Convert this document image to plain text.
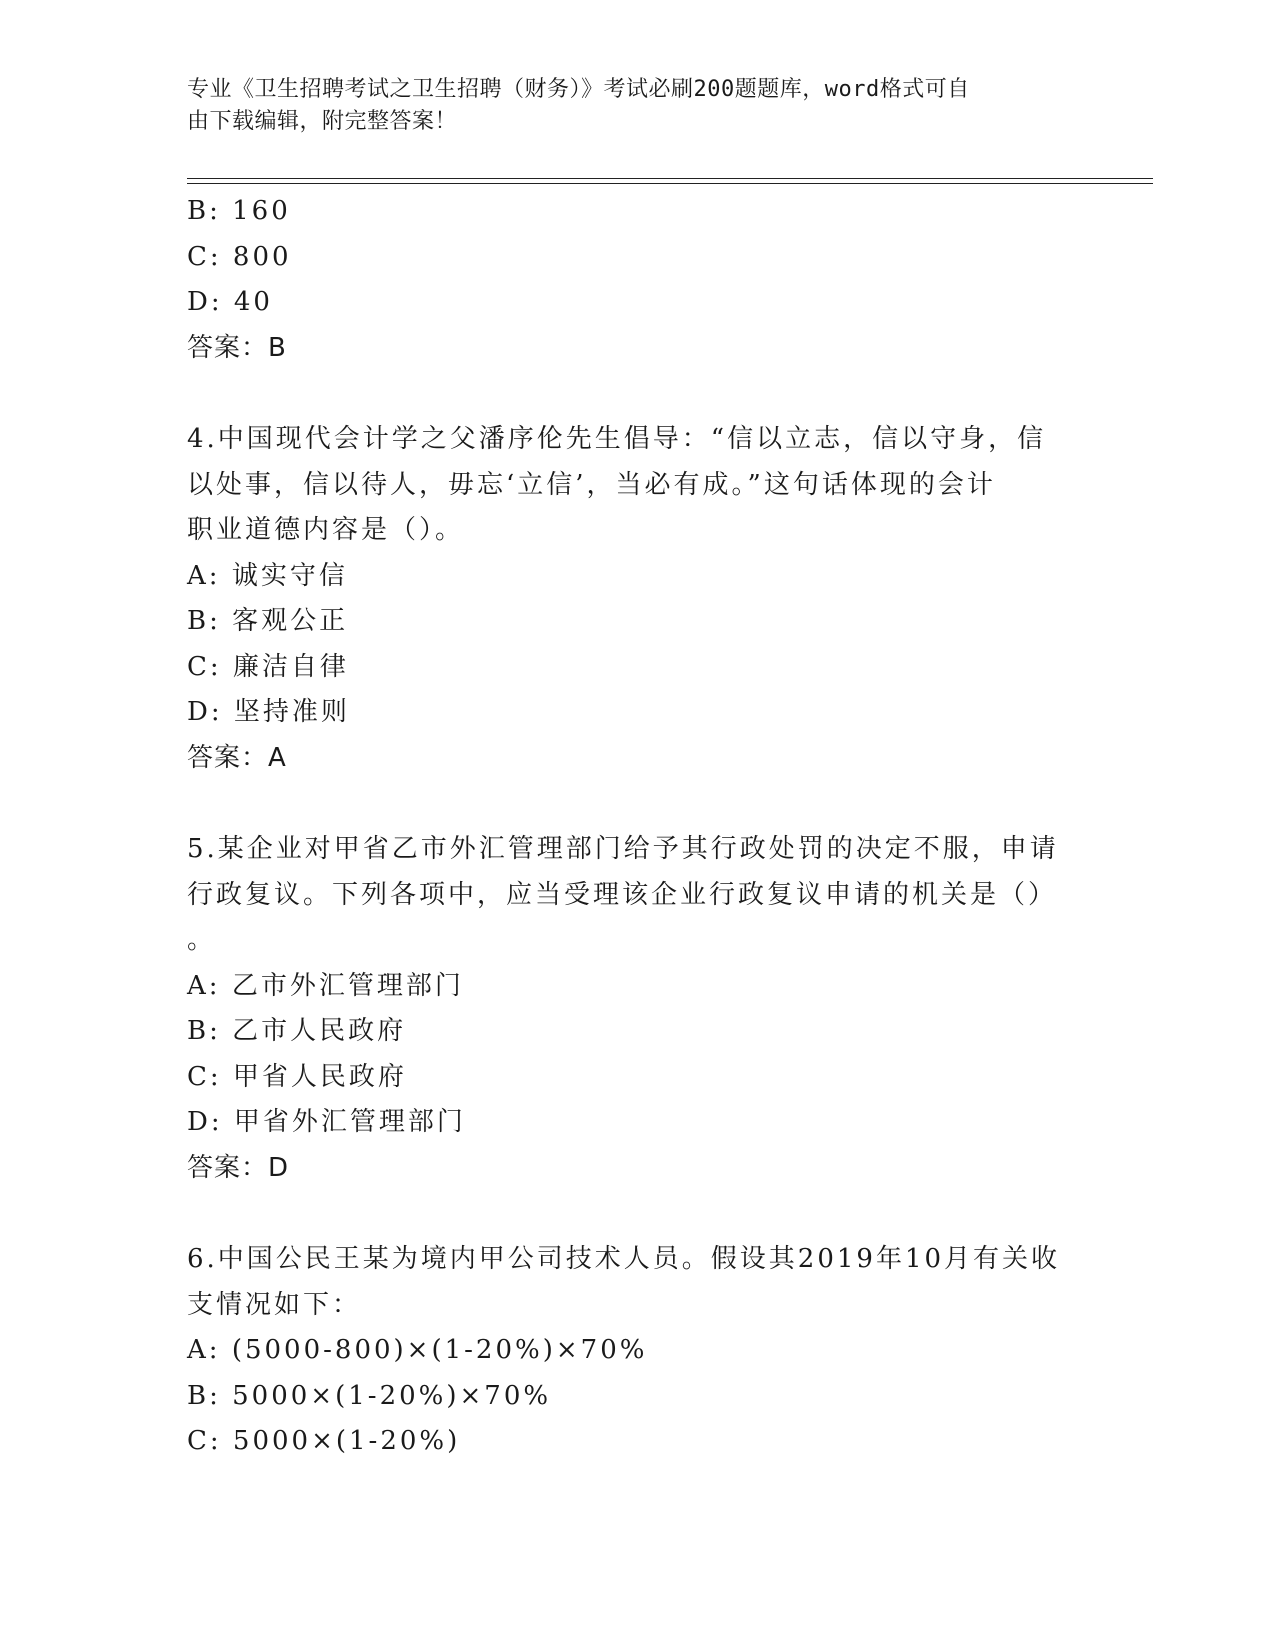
专业《卫生招聘考试之卫生招聘（财务）》考试必刷200题题库，word格式可自
由下载编辑，附完整答案！
B: 160
C: 800
D: 40
答案：B
4.中国现代会计学之父潘序伦先生倡导：“信以立志，信以守身，信
以处事，信以待人，毋忘‘立信’，当必有成。”这句话体现的会计
职业道德内容是（）。
A: 诚实守信
B: 客观公正
C: 廉洁自律
D: 坚持准则
答案：A
5.某企业对甲省乙市外汇管理部门给予其行政处罚的决定不服，申请
行政复议。下列各项中，应当受理该企业行政复议申请的机关是（）
。
A: 乙市外汇管理部门
B: 乙市人民政府
C: 甲省人民政府
D: 甲省外汇管理部门
答案：D
6.中国公民王某为境内甲公司技术人员。假设其2019年10月有关收
支情况如下：
A: (5000-800)×(1-20%)×70%
B: 5000×(1-20%)×70%
C: 5000×(1-20%)
